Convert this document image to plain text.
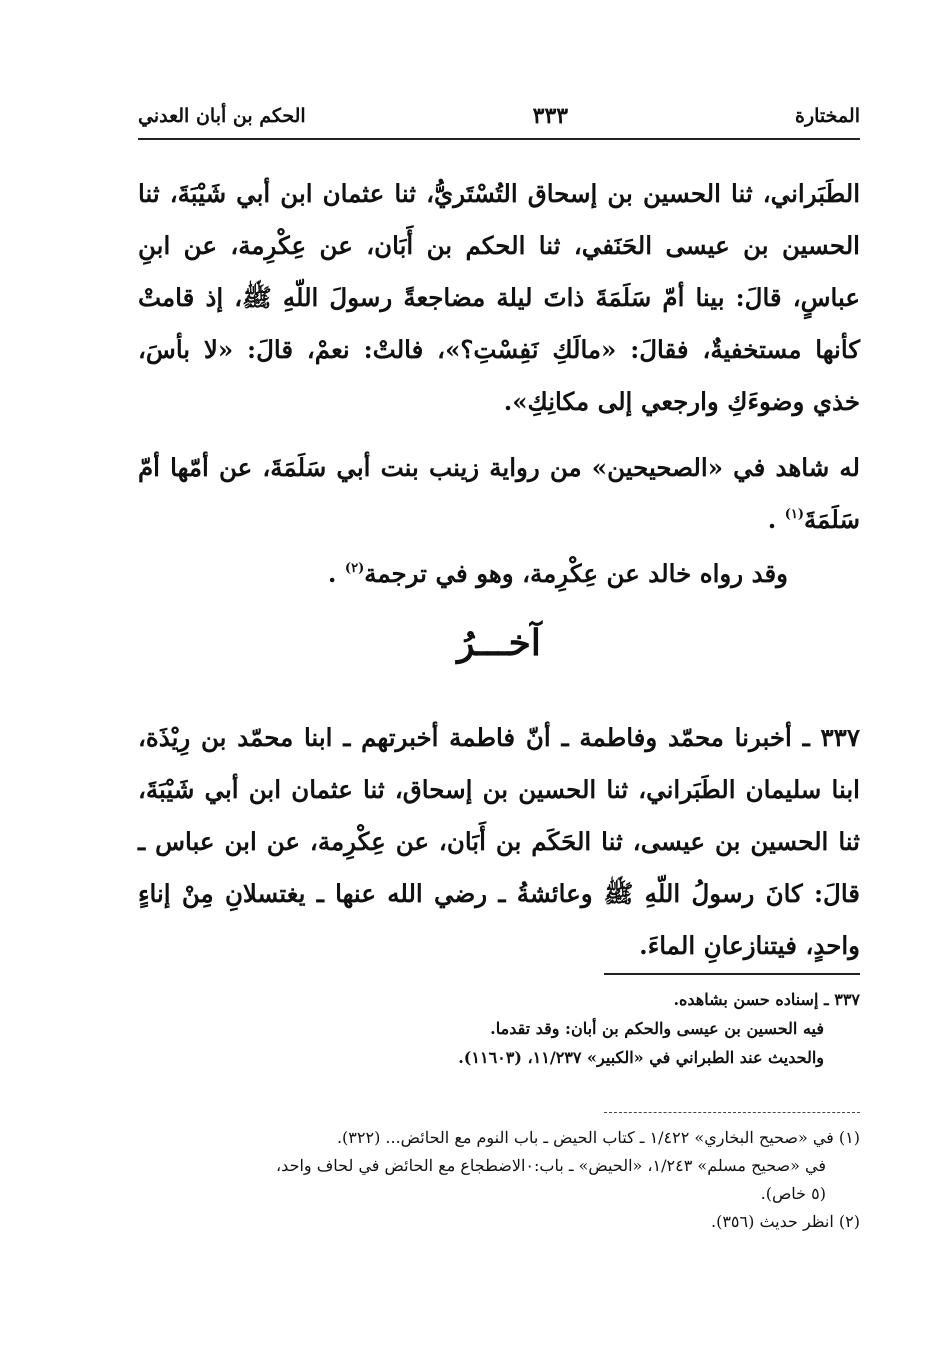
المختارة
٣٣٣
الحكم بن أبان العدني
الطَبَراني، ثنا الحسين بن إسحاق التُسْتَريُّ، ثنا عثمان ابن أبي شَيْبَةَ، ثنا الحسين بن عيسى الحَنَفي، ثنا الحكم بن أَبَان، عن عِكْرِمة، عن ابنِ عباسٍ، قالَ: بينا أمّ سَلَمَةَ ذاتَ ليلة مضاجعةً رسولَ اللّهِ ﷺ، إذ قامتْ كأنها مستخفيةٌ، فقالَ: «مالَكِ نَفِسْتِ؟»، فالتْ: نعمْ، قالَ: «لا بأسَ، خذي وضوءَكِ وارجعي إلى مكانِكِ».
له شاهد في «الصحيحين» من رواية زينب بنت أبي سَلَمَةَ، عن أمّها أمّ سَلَمَةَ$^{(١)}$ .
وقد رواه خالد عن عِكْرِمة، وهو في ترجمة$^{(٢)}$ .
آخـــرُ
٣٣٧ ـ أخبرنا محمّد وفاطمة ـ أنّ فاطمة أخبرتهم ـ ابنا محمّد بن رِيْذَة، ابنا سليمان الطَبَراني، ثنا الحسين بن إسحاق، ثنا عثمان ابن أبي شَيْبَةَ، ثنا الحسين بن عيسى، ثنا الحَكَم بن أَبَان، عن عِكْرِمة، عن ابن عباس ـ قالَ: كانَ رسولُ اللّهِ ﷺ وعائشةُ ـ رضي الله عنها ـ يغتسلانِ مِنْ إناءٍ واحدٍ، فيتنازعانِ الماءَ.
٣٣٧ ـ إسناده حسن بشاهده.
فيه الحسين بن عيسى والحكم بن أبان: وقد تقدما.
والحديث عند الطبراني في «الكبير» ١١/٢٣٧، (١١٦٠٣).
(١) في «صحيح البخاري» ١/٤٢٢ ـ كتاب الحيض ـ باب النوم مع الحائض... (٣٢٢).
في «صحيح مسلم» ١/٢٤٣، «الحيض» ـ باب:٠الاضطجاع مع الحائض في لحاف واحد،
(٥ خاص).
(٢) انظر حديث (٣٥٦).
